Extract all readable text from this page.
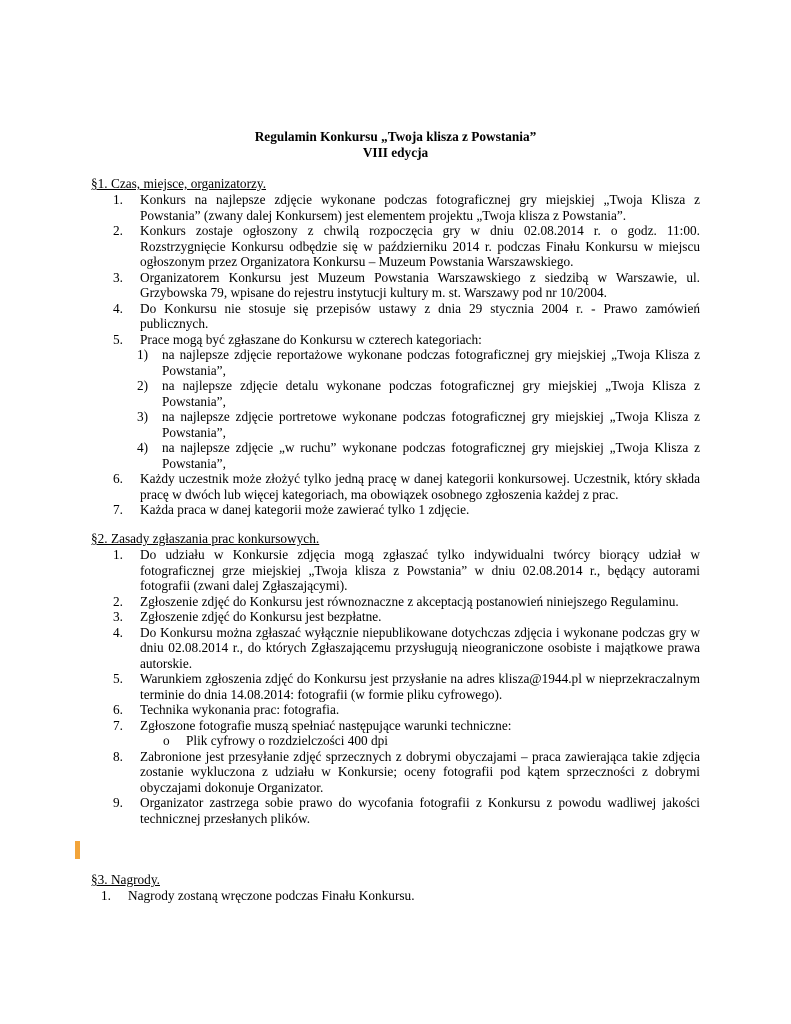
Regulamin Konkursu „Twoja klisza z Powstania”
VIII edycja
§1. Czas, miejsce, organizatorzy.
1. Konkurs na najlepsze zdjęcie wykonane podczas fotograficznej gry miejskiej „Twoja Klisza z Powstania” (zwany dalej Konkursem) jest elementem projektu „Twoja klisza z Powstania”.
2. Konkurs zostaje ogłoszony z chwilą rozpoczęcia gry w dniu 02.08.2014 r. o godz. 11:00. Rozstrzygnięcie Konkursu odbędzie się w październiku 2014 r. podczas Finału Konkursu w miejscu ogłoszonym przez Organizatora Konkursu – Muzeum Powstania Warszawskiego.
3. Organizatorem Konkursu jest Muzeum Powstania Warszawskiego z siedzibą w Warszawie, ul. Grzybowska 79, wpisane do rejestru instytucji kultury m. st. Warszawy pod nr 10/2004.
4. Do Konkursu nie stosuje się przepisów ustawy z dnia 29 stycznia 2004 r. - Prawo zamówień publicznych.
5. Prace mogą być zgłaszane do Konkursu w czterech kategoriach:
1) na najlepsze zdjęcie reportażowe wykonane podczas fotograficznej gry miejskiej „Twoja Klisza z Powstania”,
2) na najlepsze zdjęcie detalu wykonane podczas fotograficznej gry miejskiej „Twoja Klisza z Powstania”,
3) na najlepsze zdjęcie portretowe wykonane podczas fotograficznej gry miejskiej „Twoja Klisza z Powstania”,
4) na najlepsze zdjęcie „w ruchu” wykonane podczas fotograficznej gry miejskiej „Twoja Klisza z Powstania”,
6. Każdy uczestnik może złożyć tylko jedną pracę w danej kategorii konkursowej. Uczestnik, który składa pracę w dwóch lub więcej kategoriach, ma obowiązek osobnego zgłoszenia każdej z prac.
7. Każda praca w danej kategorii może zawierać tylko 1 zdjęcie.
§2. Zasady zgłaszania prac konkursowych.
1. Do udziału w Konkursie zdjęcia mogą zgłaszać tylko indywidualni twórcy biorący udział w fotograficznej grze miejskiej „Twoja klisza z Powstania” w dniu 02.08.2014 r., będący autorami fotografii (zwani dalej Zgłaszającymi).
2. Zgłoszenie zdjęć do Konkursu jest równoznaczne z akceptacją postanowień niniejszego Regulaminu.
3. Zgłoszenie zdjęć do Konkursu jest bezpłatne.
4. Do Konkursu można zgłaszać wyłącznie niepublikowane dotychczas zdjęcia i wykonane podczas gry w dniu 02.08.2014 r., do których Zgłaszającemu przysługują nieograniczone osobiste i majątkowe prawa autorskie.
5. Warunkiem zgłoszenia zdjęć do Konkursu jest przysłanie na adres klisza@1944.pl w nieprzekraczalnym terminie do dnia 14.08.2014: fotografii (w formie pliku cyfrowego).
6. Technika wykonania prac: fotografia.
7. Zgłoszone fotografie muszą spełniać następujące warunki techniczne:
o Plik cyfrowy o rozdzielczości 400 dpi
8. Zabronione jest przesyłanie zdjęć sprzecznych z dobrymi obyczajami – praca zawierająca takie zdjęcia zostanie wykluczona z udziału w Konkursie; oceny fotografii pod kątem sprzeczności z dobrymi obyczajami dokonuje Organizator.
9. Organizator zastrzega sobie prawo do wycofania fotografii z Konkursu z powodu wadliwej jakości technicznej przesłanych plików.
§3. Nagrody.
1. Nagrody zostaną wręczone podczas Finału Konkursu.
